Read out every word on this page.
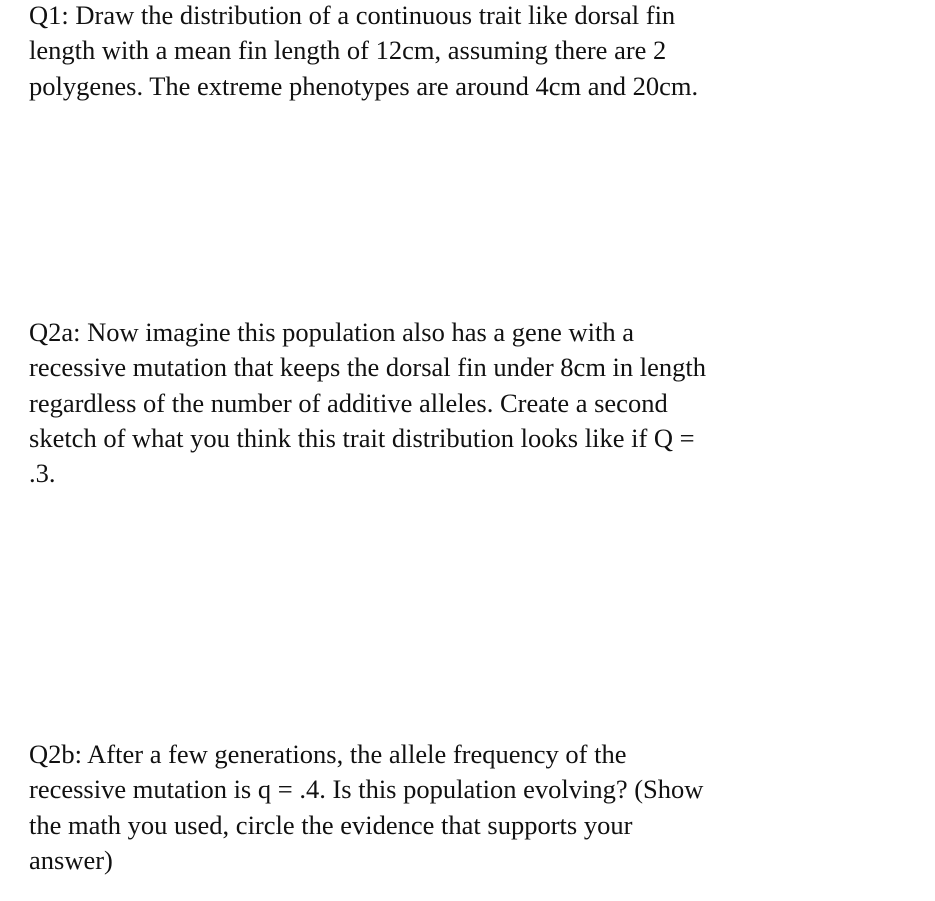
Q1: Draw the distribution of a continuous trait like dorsal fin
length with a mean fin length of 12cm, assuming there are 2
polygenes. The extreme phenotypes are around 4cm and 20cm.
Q2a: Now imagine this population also has a gene with a
recessive mutation that keeps the dorsal fin under 8cm in length
regardless of the number of additive alleles. Create a second
sketch of what you think this trait distribution looks like if Q =
.3.
Q2b: After a few generations, the allele frequency of the
recessive mutation is q = .4. Is this population evolving? (Show
the math you used, circle the evidence that supports your
answer)
